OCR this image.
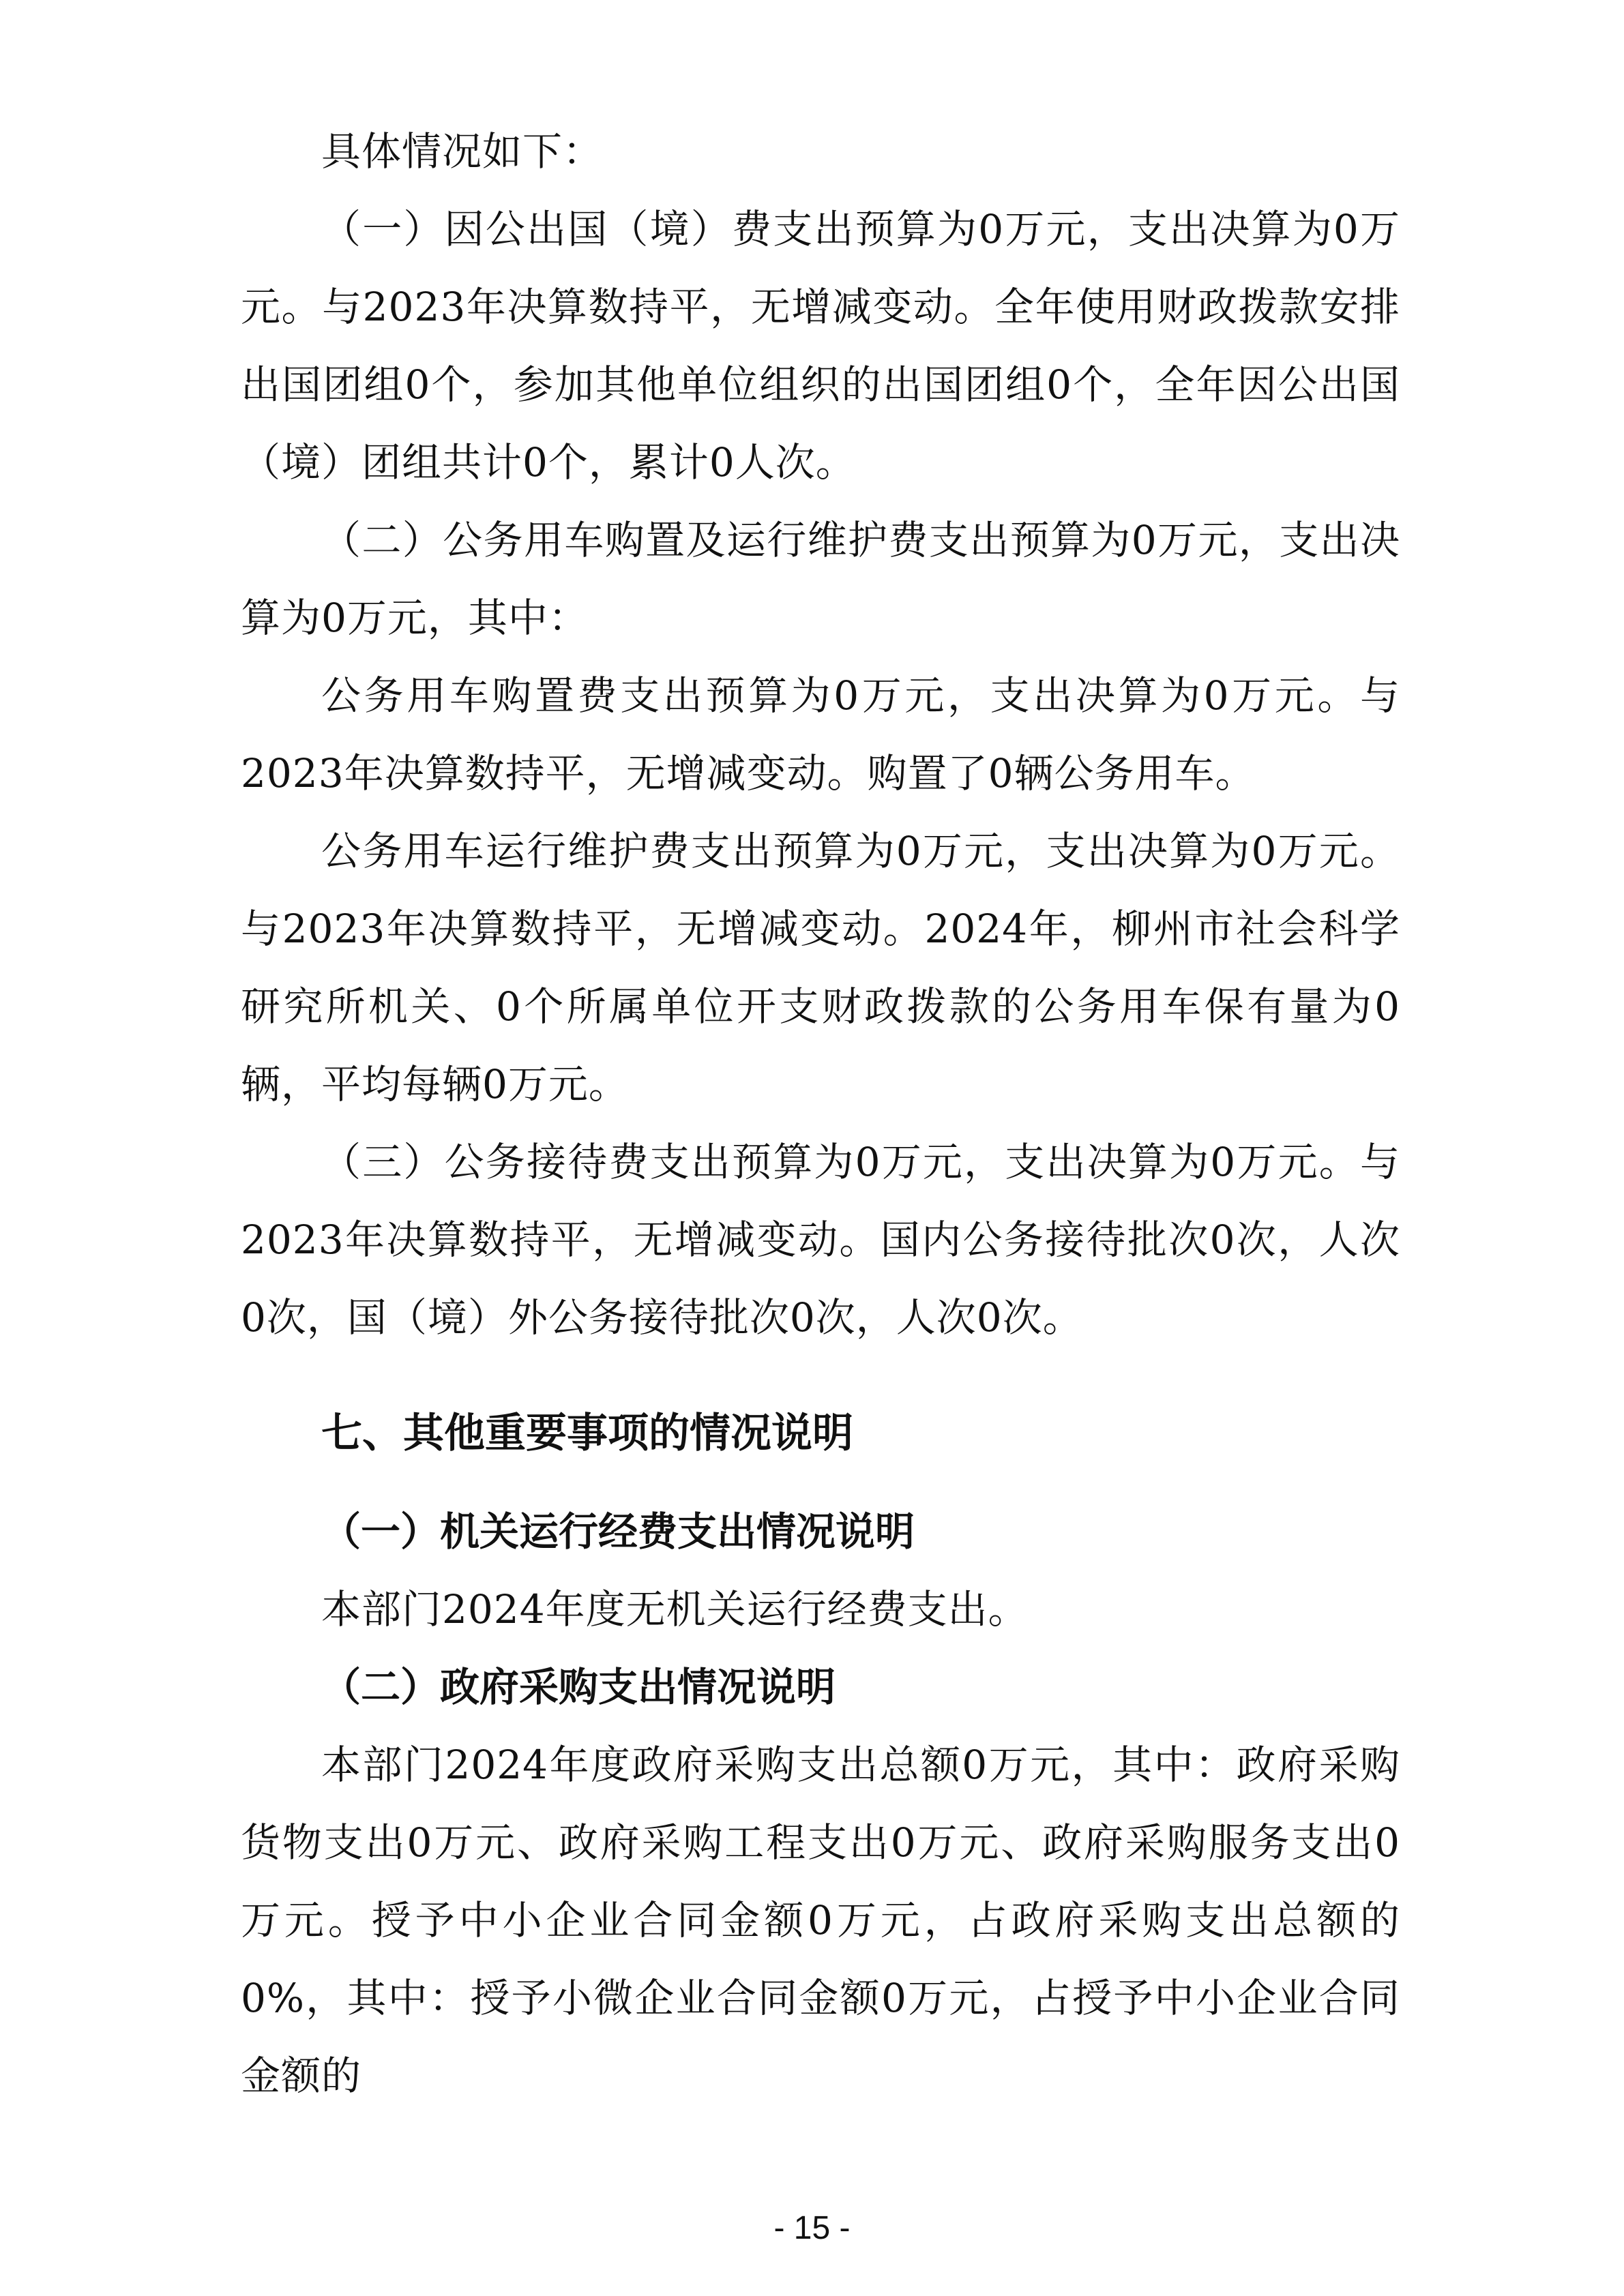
具体情况如下：

（一）因公出国（境）费支出预算为0万元，支出决算为0万元。与2023年决算数持平，无增减变动。全年使用财政拨款安排出国团组0个，参加其他单位组织的出国团组0个，全年因公出国（境）团组共计0个，累计0人次。

（二）公务用车购置及运行维护费支出预算为0万元，支出决算为0万元，其中：

公务用车购置费支出预算为0万元，支出决算为0万元。与2023年决算数持平，无增减变动。购置了0辆公务用车。

公务用车运行维护费支出预算为0万元，支出决算为0万元。与2023年决算数持平，无增减变动。2024年，柳州市社会科学研究所机关、0个所属单位开支财政拨款的公务用车保有量为0辆，平均每辆0万元。

（三）公务接待费支出预算为0万元，支出决算为0万元。与2023年决算数持平，无增减变动。国内公务接待批次0次，人次0次，国（境）外公务接待批次0次，人次0次。

七、其他重要事项的情况说明
（一）机关运行经费支出情况说明

本部门2024年度无机关运行经费支出。

（二）政府采购支出情况说明

本部门2024年度政府采购支出总额0万元，其中：政府采购货物支出0万元、政府采购工程支出0万元、政府采购服务支出0万元。授予中小企业合同金额0万元，占政府采购支出总额的0%，其中：授予小微企业合同金额0万元，占授予中小企业合同金额的

- 15 -
